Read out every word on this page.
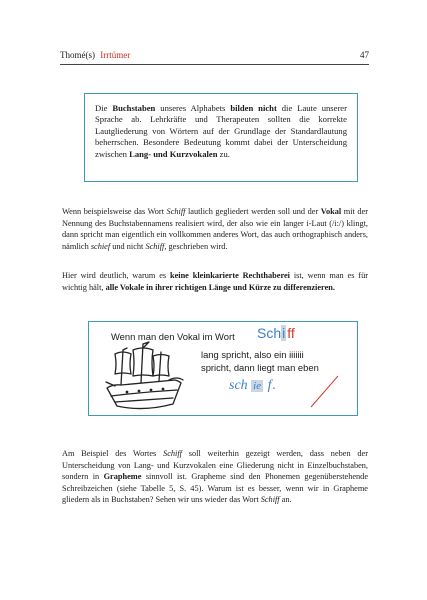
Thomé(s) Irrtümer	47

Die Buchstaben unseres Alphabets bilden nicht die Laute unserer Sprache ab. Lehrkräfte und Therapeuten sollten die korrekte Lautgliederung von Wörtern auf der Grundlage der Standardlautung beherrschen. Besondere Bedeutung kommt dabei der Unterscheidung zwischen Lang- und Kurzvokalen zu.

Wenn beispielsweise das Wort Schiff lautlich gegliedert werden soll und der Vokal mit der Nennung des Buchstabennamens realisiert wird, der also wie ein langer i-Laut (/i:/) klingt, dann spricht man eigentlich ein vollkommen anderes Wort, das auch orthographisch anders, nämlich schief und nicht Schiff, geschrieben wird.

Hier wird deutlich, warum es keine kleinkarierte Rechthaberei ist, wenn man es für wichtig hält, alle Vokale in ihrer richtigen Länge und Kürze zu differenzieren.

Wenn man den Vokal im Wort Schi ff
lang spricht, also ein iiiiiii
spricht, dann liegt man eben
sch ie f.

Am Beispiel des Wortes Schiff soll weiterhin gezeigt werden, dass neben der Unterscheidung von Lang- und Kurzvokalen eine Gliederung nicht in Einzelbuchstaben, sondern in Grapheme sinnvoll ist. Grapheme sind den Phonemen gegenüberstehende Schreibzeichen (siehe Tabelle 5, S. 45). Warum ist es besser, wenn wir in Grapheme gliedern als in Buchstaben? Sehen wir uns wieder das Wort Schiff an.
